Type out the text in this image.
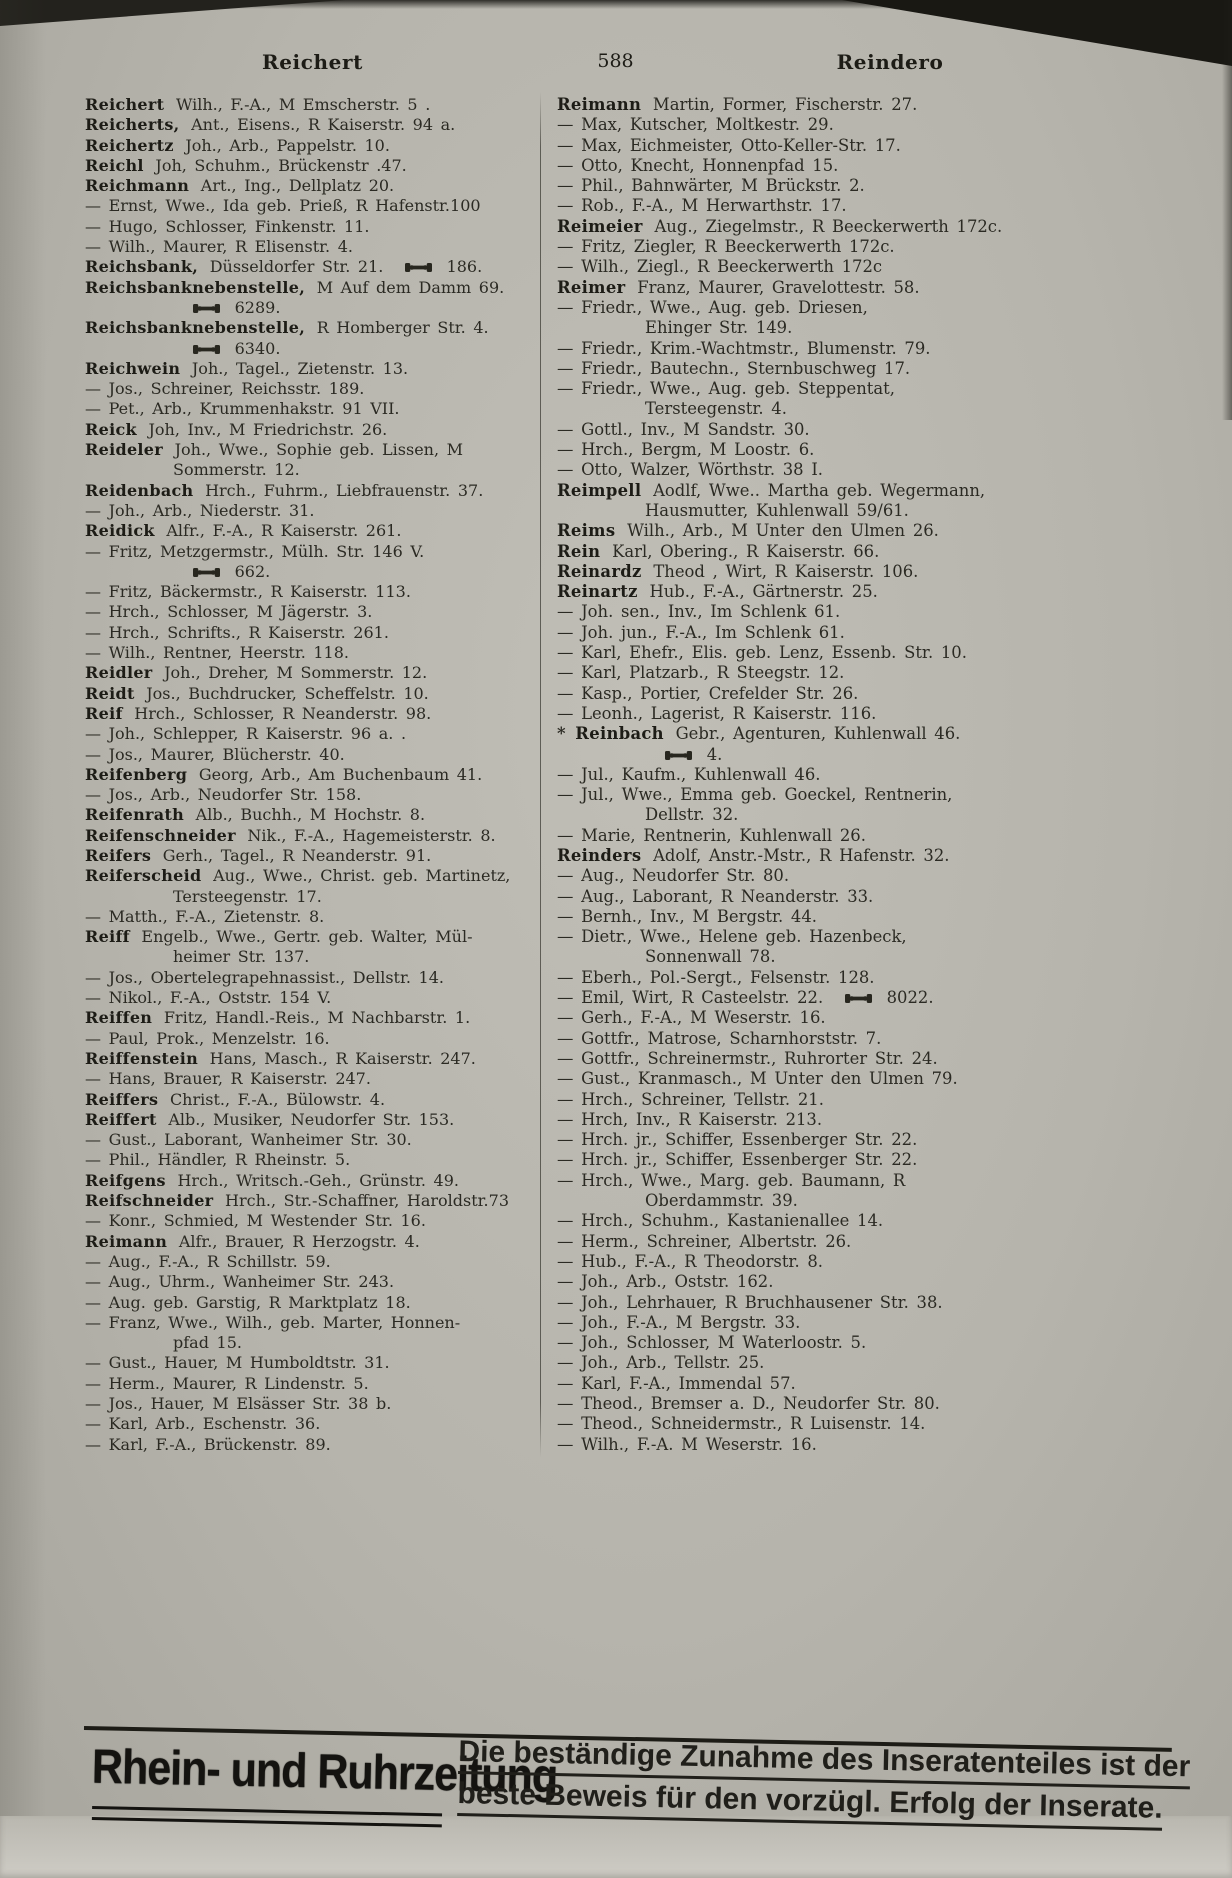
Reichert	588	Reindero
Reichert Wilh., F.-A., M Emscherstr. 5 .
Reicherts, Ant., Eisens., R Kaiserstr. 94 a.
Reichertz Joh., Arb., Pappelstr. 10.
Reichl Joh, Schuhm., Brückenstr .47.
Reichmann Art., Ing., Dellplatz 20.
— Ernst, Wwe., Ida geb. Prieß, R Hafenstr.100
— Hugo, Schlosser, Finkenstr. 11.
— Wilh., Maurer, R Elisenstr. 4.
Reichsbank, Düsseldorfer Str. 21.	186.
Reichsbanknebenstelle, M Auf dem Damm 69.
6289.
Reichsbanknebenstelle, R Homberger Str. 4.
6340.
Reichwein Joh., Tagel., Zietenstr. 13.
— Jos., Schreiner, Reichsstr. 189.
— Pet., Arb., Krummenhakstr. 91 VII.
Reick Joh, Inv., M Friedrichstr. 26.
Reideler Joh., Wwe., Sophie geb. Lissen, M
Sommerstr. 12.
Reidenbach Hrch., Fuhrm., Liebfrauenstr. 37.
— Joh., Arb., Niederstr. 31.
Reidick Alfr., F.-A., R Kaiserstr. 261.
— Fritz, Metzgermstr., Mülh. Str. 146 V.
662.
— Fritz, Bäckermstr., R Kaiserstr. 113.
— Hrch., Schlosser, M Jägerstr. 3.
— Hrch., Schrifts., R Kaiserstr. 261.
— Wilh., Rentner, Heerstr. 118.
Reidler Joh., Dreher, M Sommerstr. 12.
Reidt Jos., Buchdrucker, Scheffelstr. 10.
Reif Hrch., Schlosser, R Neanderstr. 98.
— Joh., Schlepper, R Kaiserstr. 96 a. .
— Jos., Maurer, Blücherstr. 40.
Reifenberg Georg, Arb., Am Buchenbaum 41.
— Jos., Arb., Neudorfer Str. 158.
Reifenrath Alb., Buchh., M Hochstr. 8.
Reifenschneider Nik., F.-A., Hagemeisterstr. 8.
Reifers Gerh., Tagel., R Neanderstr. 91.
Reiferscheid Aug., Wwe., Christ. geb. Martinetz,
Tersteegenstr. 17.
— Matth., F.-A., Zietenstr. 8.
Reiff Engelb., Wwe., Gertr. geb. Walter, Mül-
heimer Str. 137.
— Jos., Obertelegrapehnassist., Dellstr. 14.
— Nikol., F.-A., Oststr. 154 V.
Reiffen Fritz, Handl.-Reis., M Nachbarstr. 1.
— Paul, Prok., Menzelstr. 16.
Reiffenstein Hans, Masch., R Kaiserstr. 247.
— Hans, Brauer, R Kaiserstr. 247.
Reiffers Christ., F.-A., Bülowstr. 4.
Reiffert Alb., Musiker, Neudorfer Str. 153.
— Gust., Laborant, Wanheimer Str. 30.
— Phil., Händler, R Rheinstr. 5.
Reifgens Hrch., Writsch.-Geh., Grünstr. 49.
Reifschneider Hrch., Str.-Schaffner, Haroldstr.73
— Konr., Schmied, M Westender Str. 16.
Reimann Alfr., Brauer, R Herzogstr. 4.
— Aug., F.-A., R Schillstr. 59.
— Aug., Uhrm., Wanheimer Str. 243.
— Aug. geb. Garstig, R Marktplatz 18.
— Franz, Wwe., Wilh., geb. Marter, Honnen-
pfad 15.
— Gust., Hauer, M Humboldtstr. 31.
— Herm., Maurer, R Lindenstr. 5.
— Jos., Hauer, M Elsässer Str. 38 b.
— Karl, Arb., Eschenstr. 36.
— Karl, F.-A., Brückenstr. 89.
Reimann Martin, Former, Fischerstr. 27.
— Max, Kutscher, Moltkestr. 29.
— Max, Eichmeister, Otto-Keller-Str. 17.
— Otto, Knecht, Honnenpfad 15.
— Phil., Bahnwärter, M Brückstr. 2.
— Rob., F.-A., M Herwarthstr. 17.
Reimeier Aug., Ziegelmstr., R Beeckerwerth 172c.
— Fritz, Ziegler, R Beeckerwerth 172c.
— Wilh., Ziegl., R Beeckerwerth 172c
Reimer Franz, Maurer, Gravelottestr. 58.
— Friedr., Wwe., Aug. geb. Driesen,
Ehinger Str. 149.
— Friedr., Krim.-Wachtmstr., Blumenstr. 79.
— Friedr., Bautechn., Sternbuschweg 17.
— Friedr., Wwe., Aug. geb. Steppentat,
Tersteegenstr. 4.
— Gottl., Inv., M Sandstr. 30.
— Hrch., Bergm, M Loostr. 6.
— Otto, Walzer, Wörthstr. 38 I.
Reimpell Aodlf, Wwe.. Martha geb. Wegermann,
Hausmutter, Kuhlenwall 59/61.
Reims Wilh., Arb., M Unter den Ulmen 26.
Rein Karl, Obering., R Kaiserstr. 66.
Reinardz Theod , Wirt, R Kaiserstr. 106.
Reinartz Hub., F.-A., Gärtnerstr. 25.
— Joh. sen., Inv., Im Schlenk 61.
— Joh. jun., F.-A., Im Schlenk 61.
— Karl, Ehefr., Elis. geb. Lenz, Essenb. Str. 10.
— Karl, Platzarb., R Steegstr. 12.
— Kasp., Portier, Crefelder Str. 26.
— Leonh., Lagerist, R Kaiserstr. 116.
* Reinbach Gebr., Agenturen, Kuhlenwall 46.
4.
— Jul., Kaufm., Kuhlenwall 46.
— Jul., Wwe., Emma geb. Goeckel, Rentnerin,
Dellstr. 32.
— Marie, Rentnerin, Kuhlenwall 26.
Reinders Adolf, Anstr.-Mstr., R Hafenstr. 32.
— Aug., Neudorfer Str. 80.
— Aug., Laborant, R Neanderstr. 33.
— Bernh., Inv., M Bergstr. 44.
— Dietr., Wwe., Helene geb. Hazenbeck,
Sonnenwall 78.
— Eberh., Pol.-Sergt., Felsenstr. 128.
— Emil, Wirt, R Casteelstr. 22.	8022.
— Gerh., F.-A., M Weserstr. 16.
— Gottfr., Matrose, Scharnhorststr. 7.
— Gottfr., Schreinermstr., Ruhrorter Str. 24.
— Gust., Kranmasch., M Unter den Ulmen 79.
— Hrch., Schreiner, Tellstr. 21.
— Hrch, Inv., R Kaiserstr. 213.
— Hrch. jr., Schiffer, Essenberger Str. 22.
— Hrch. jr., Schiffer, Essenberger Str. 22.
— Hrch., Wwe., Marg. geb. Baumann, R
Oberdammstr. 39.
— Hrch., Schuhm., Kastanienallee 14.
— Herm., Schreiner, Albertstr. 26.
— Hub., F.-A., R Theodorstr. 8.
— Joh., Arb., Oststr. 162.
— Joh., Lehrhauer, R Bruchhausener Str. 38.
— Joh., F.-A., M Bergstr. 33.
— Joh., Schlosser, M Waterloostr. 5.
— Joh., Arb., Tellstr. 25.
— Karl, F.-A., Immendal 57.
— Theod., Bremser a. D., Neudorfer Str. 80.
— Theod., Schneidermstr., R Luisenstr. 14.
— Wilh., F.-A. M Weserstr. 16.
Rhein- und Ruhrzeitung
Die beständige Zunahme des Inseratenteiles ist der
beste Beweis für den vorzügl. Erfolg der Inserate.
